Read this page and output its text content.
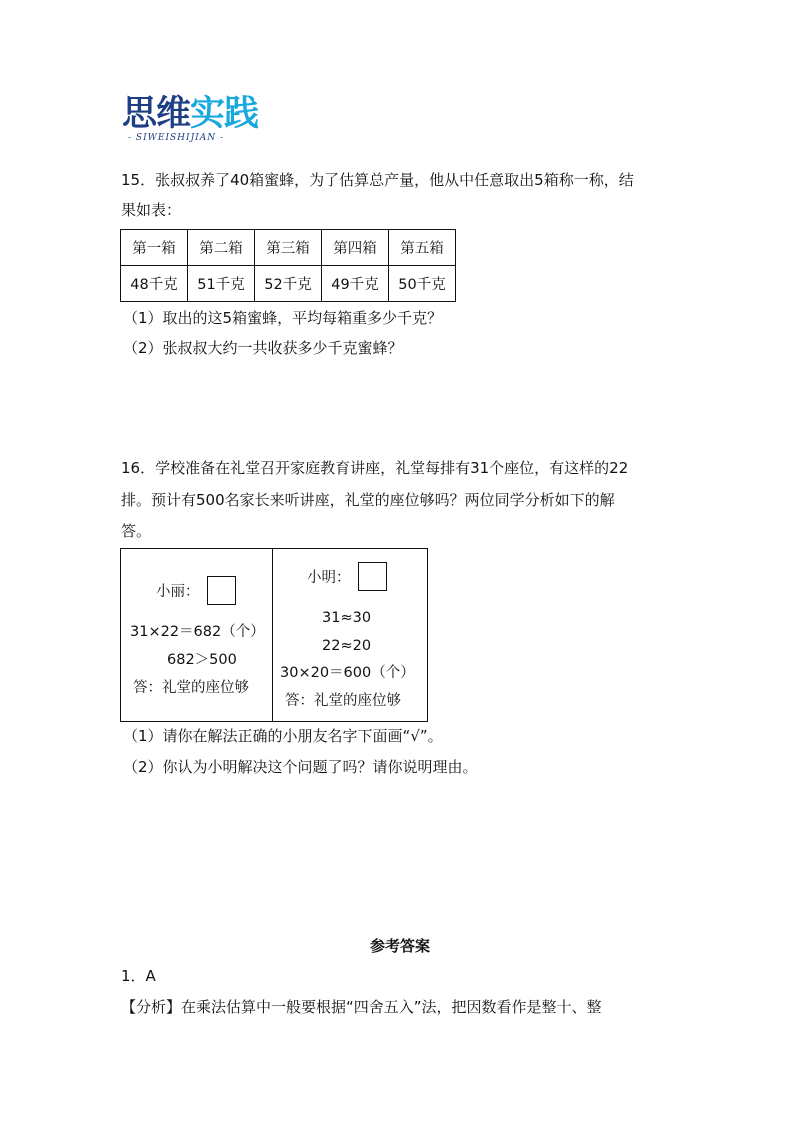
思维 实践
- SIWEISHIJIAN -
15．张叔叔养了40箱蜜蜂，为了估算总产量，他从中任意取出5箱称一称，结
果如表：
第一箱	第二箱	第三箱	第四箱	第五箱
48千克	51千克	52千克	49千克	50千克
（1）取出的这5箱蜜蜂，平均每箱重多少千克？
（2）张叔叔大约一共收获多少千克蜜蜂？
16．学校准备在礼堂召开家庭教育讲座，礼堂每排有31个座位，有这样的22
排。预计有500名家长来听讲座，礼堂的座位够吗？两位同学分析如下的解
答。
小丽：
31×22＝682（个）
682＞500
答：礼堂的座位够
小明：
31≈30
22≈20
30×20＝600（个）
答：礼堂的座位够
（1）请你在解法正确的小朋友名字下面画“√”。
（2）你认为小明解决这个问题了吗？请你说明理由。
参考答案
1．A
【分析】在乘法估算中一般要根据“四舍五入”法，把因数看作是整十、整
